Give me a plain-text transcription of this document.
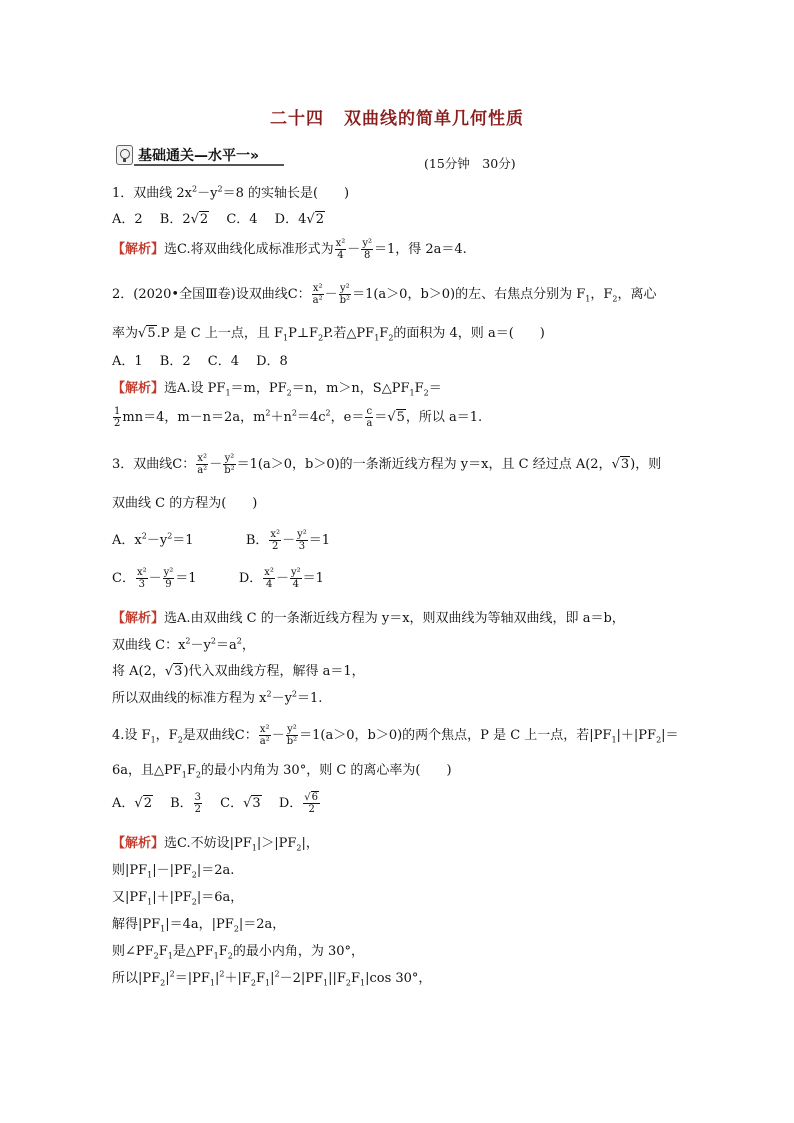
二十四 双曲线的简单几何性质
基础通关—水平一»	(15分钟　30分)
1．双曲线 $2x^2-y^2=8$ 的实轴长是(　　)
A．2　 B．2√2　 C．4　 D．4√2
【解析】选C.将双曲线化成标准形式为 $\frac{\text{x²}}{4} - \frac{\text{y²}}{8} =1$，得 2a＝4.
2．(2020•全国Ⅲ卷)设双曲线C： $\frac{\text{x²}}{\text{a²}} - \frac{\text{y²}}{\text{b²}} =1(a>0$，b＞0)的左、右焦点分别为 $F_1$，$F_2$，离心
率为√5.P 是 C 上一点，且 $F_1P\perp F_2P$.若$\triangle PF_1F_2$的面积为 4，则 a＝(　　)
A．1　 B．2　 C．4　 D．8
【解析】选A.设 $PF_1=m$，$PF_2=n$，m＞n，$S\triangle PF_1F_2=$
$\frac{1}{2} mn=4$，m－n＝2a，$m^2+n^2=4c^2$，$e= \frac{c}{a} =√5$，所以 a＝1.
3．双曲线C： $\frac{\text{x²}}{\text{a²}} - \frac{\text{y²}}{\text{b²}} =1(a>0$，b＞0)的一条渐近线方程为 y＝x，且 C 经过点 A(2，√3)，则
双曲线 C 的方程为(　　)
A．$x^2-y^2=1$	B． $\frac{\text{x²}}{2} - \frac{\text{y²}}{3} =1$
C． $\frac{\text{x²}}{3} - \frac{\text{y²}}{9} =1$	D． $\frac{\text{x²}}{4} - \frac{\text{y²}}{4} =1$
【解析】选A.由双曲线 C 的一条渐近线方程为 y＝x，则双曲线为等轴双曲线，即 a＝b，
双曲线 C：$x^2-y^2=a^2$，
将 A(2，√3)代入双曲线方程，解得 a＝1，
所以双曲线的标准方程为 $x^2-y^2=1$.
4.设 $F_1$，$F_2$是双曲线C： $\frac{\text{x²}}{\text{a²}} - \frac{\text{y²}}{\text{b²}} =1(a>0$，b＞0)的两个焦点，P 是 C 上一点，若$|PF_1|+|PF_2|=$
6a，且$\triangle PF_1F_2$的最小内角为 30°，则 C 的离心率为(　　)
A．√2　 B． $\frac{3}{2}$ 　 C．√3　 D． $\frac{√6}{2}$
【解析】选C.不妨设$|PF_1|>|PF_2|$，
则$|PF_1|-|PF_2|=2a$.
又$|PF_1|+|PF_2|=6a$，
解得$|PF_1|=4a$，$|PF_2|=2a$，
则$\angle PF_2F_1$是$\triangle PF_1F_2$的最小内角，为 30°，
所以$|PF_2|^2=|PF_1|^2+|F_2F_1|^2-2|PF_1||F_2F_1|\cos$ 30°，
